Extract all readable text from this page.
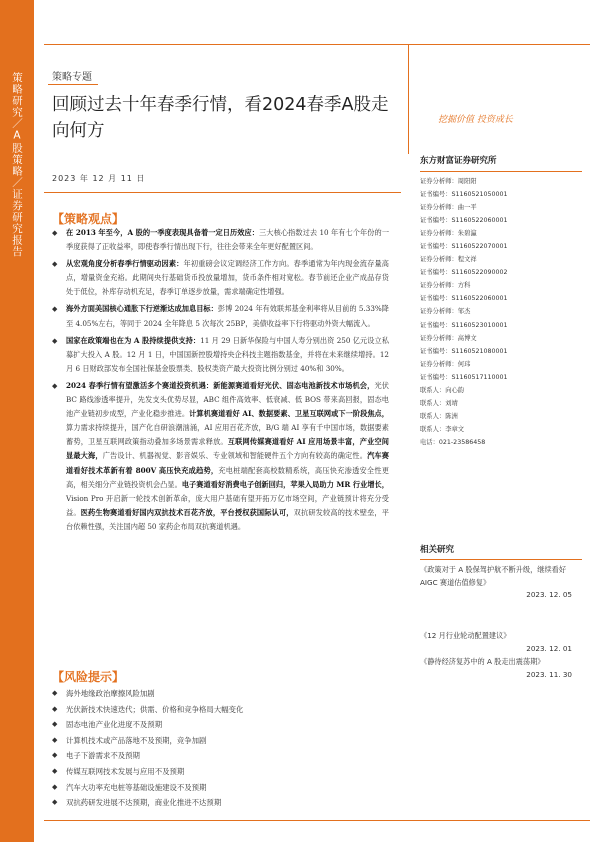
策略研究／A股策略／证券研究报告	策略专题
回顾过去十年春季行情，看2024春季A股走向何方
挖掘价值 投资成长
2023 年 12 月 11 日
【策略观点】
◆ 在 2013 年至今，A 股的一季度表现具备着一定日历效应：三大核心指数过去 10 年有七个年份的一季度获得了正收益率，即使春季行情出现下行，往往会带来全年更好配置区间。
◆ 从宏观角度分析春季行情驱动因素：年初重磅会议定调经济工作方向。春季通常为年内现金流存量高点，增量资金充裕。此期间央行基础货币投放量增加，货币条件相对宽松。春节前还企业产成品存货处于低位，补库存动机充足，春季订单逐步放量，需求端确定性增强。
◆ 海外方面美国核心通胀下行逆渐达成加息目标：彭博 2024 年有效联邦基金利率将从目前的 5.33%降至 4.05%左右，等同于 2024 全年降息 5 次每次 25BP，美债收益率下行将驱动外资大幅流入。
◆ 国家在政策端也在为 A 股持续提供支持：11 月 29 日新华保险与中国人寿分别出资 250 亿元设立私募扩大投入 A 股。12 月 1 日，中国国新控股增持央企科技主题指数基金，并将在未来继续增持。12 月 6 日财政部发布全国社保基金股票类、股权类资产最大投资比例分别过 40%和 30%。
◆ 2024 春季行情有望激活多个赛道投资机遇：新能源赛道看好光伏、固态电池新技术市场机会，光伏 BC 路线渗透率提升，先发支头优势尽显，ABC 组件高效率、低衰减、低 BOS 带来高回报，固态电池产业链初步成型，产业化稳步推进。计算机赛道看好 AI、数据要素、卫星互联网或下一阶段焦点，算力需求持续提升，国产化自研浪潮汹涌，AI 应用百花齐放，B/G 端 AI 享有千中国市场，数据要素蓄势，卫星互联网政策指动叠加多场景需求释放。互联网传媒赛道看好 AI 应用场景丰富，产业空间显最大海，广告设计、机器视觉、影音娱乐、专业领域和智能硬件五个方向有较高的确定性。汽车赛道看好技术革新有着 800V 高压快充成趋势，充电桩端配套高校数精系统，高压快充渗透安全性更高，相关细分产业链投资机会凸显。电子赛道看好消费电子创新回归，苹果入局助力 MR 行业增长，Vision Pro 开启新一轮技术创新革命，庞大用户基础有望开拓万亿市场空间，产业链预计将充分受益。医药生物赛道看好国内双抗技术百花齐放，平台授权获国际认可，双抗研发较高的技术壁垒，平台依赖性强，关注国内超 50 家药企布局双抗赛道机遇。
【风险提示】
◆ 海外地缘政治摩擦风险加剧
◆ 光伏新技术快速迭代；供需、价格和竞争格局大幅变化
◆ 固态电池产业化进度不及预期
◆ 计算机技术或产品落地不及预期，竞争加剧
◆ 电子下游需求不及预期
◆ 传媒互联网技术发展与应用不及预期
◆ 汽车大功率充电桩等基础设施建设不及预期
◆ 双抗药研发进展不达预期，商业化推进不达预期
东方财富证券研究所
证券分析师：周阳阳
证书编号：S1160521050001
证券分析师：曲一平
证书编号：S1160522060001
证券分析师：朱碧瀛
证书编号：S1160522070001
证券分析师：程文祥
证书编号：S1160522090002
证券分析师：方科
证书编号：S1160522060001
证券分析师：邹杰
证书编号：S1160523010001
证券分析师：高博文
证书编号：S1160521080001
证券分析师：何玮
证书编号：S1160517110001
联系人：向心韵
联系人：刘靖
联系人：陈洲
联系人：李章文
电话：021-23586458
相关研究
《政策对于 A 股保驾护航不断升级，继续看好 AIGC 赛道估值修复》
2023. 12. 05
《12 月行业轮动配置建议》
2023. 12. 01
《静待经济复苏中的 A 股走出震荡期》
2023. 11. 30
